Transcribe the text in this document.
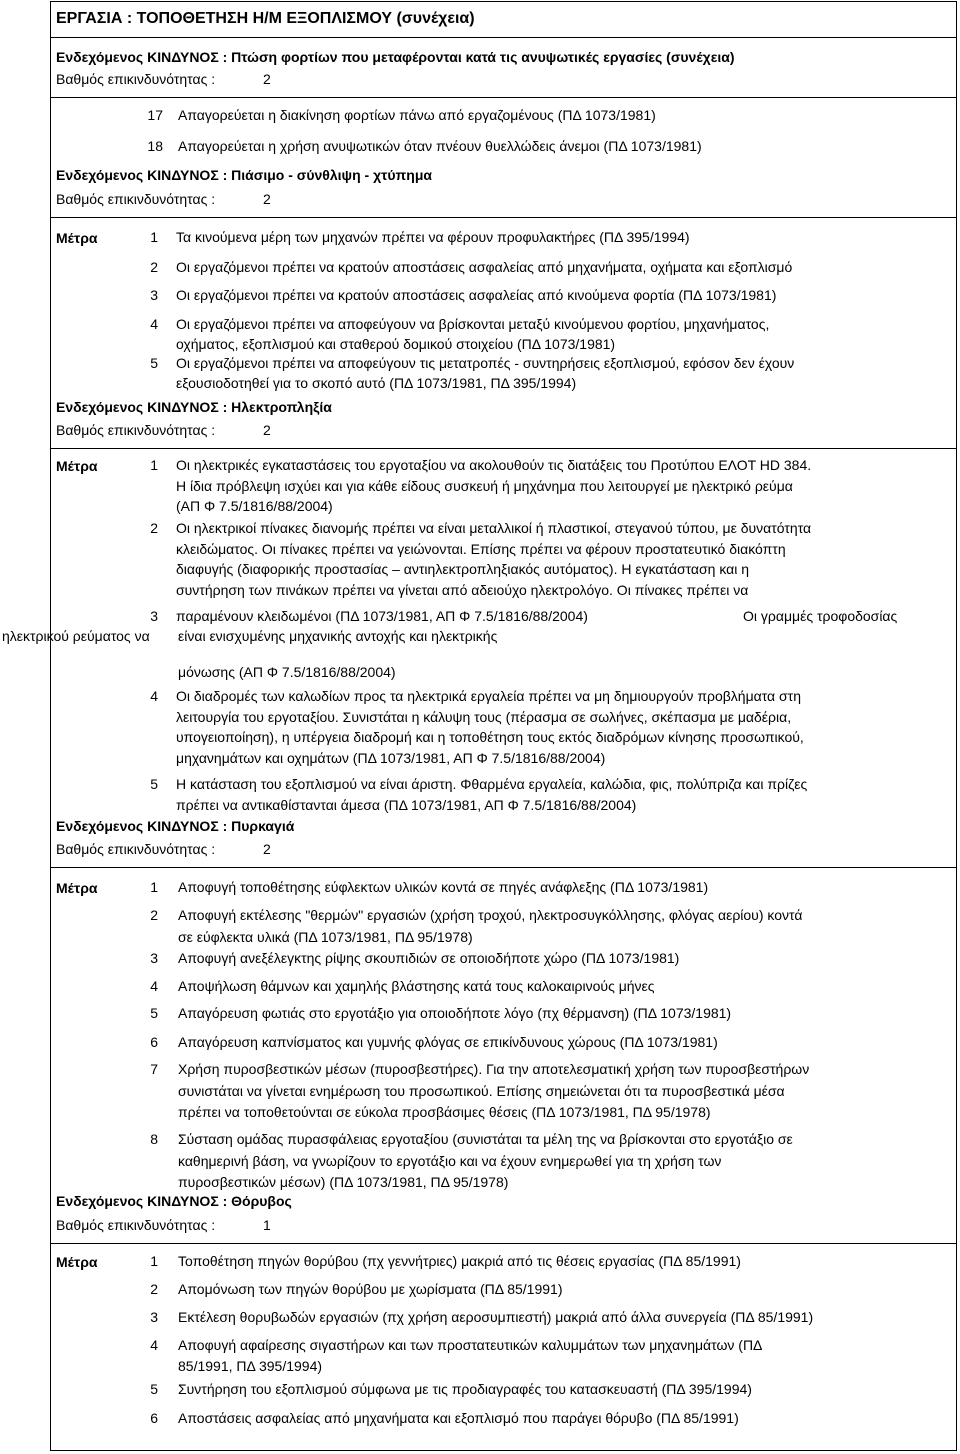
ΕΡΓΑΣΙΑ : ΤΟΠΟΘΕΤΗΣΗ Η/Μ ΕΞΟΠΛΙΣΜΟΥ (συνέχεια)
Ενδεχόμενος ΚΙΝΔΥΝΟΣ : Πτώση φορτίων που μεταφέρονται κατά τις ανυψωτικές εργασίες (συνέχεια)
Βαθμός επικινδυνότητας :	2
17 Απαγορεύεται η διακίνηση φορτίων πάνω από εργαζομένους (ΠΔ 1073/1981)
18 Απαγορεύεται η χρήση ανυψωτικών όταν πνέουν θυελλώδεις άνεμοι (ΠΔ 1073/1981)
Ενδεχόμενος ΚΙΝΔΥΝΟΣ : Πιάσιμο - σύνθλιψη - χτύπημα
Βαθμός επικινδυνότητας :	2
Μέτρα	1 Τα κινούμενα μέρη των μηχανών πρέπει να φέρουν προφυλακτήρες (ΠΔ 395/1994)
2 Οι εργαζόμενοι πρέπει να κρατούν αποστάσεις ασφαλείας από μηχανήματα, οχήματα και εξοπλισμό
3 Οι εργαζόμενοι πρέπει να κρατούν αποστάσεις ασφαλείας από κινούμενα φορτία (ΠΔ 1073/1981)
4 Οι εργαζόμενοι πρέπει να αποφεύγουν να βρίσκονται μεταξύ κινούμενου φορτίου, μηχανήματος,
οχήματος, εξοπλισμού και σταθερού δομικού στοιχείου (ΠΔ 1073/1981)
5 Οι εργαζόμενοι πρέπει να αποφεύγουν τις μετατροπές - συντηρήσεις εξοπλισμού, εφόσον δεν έχουν
εξουσιοδοτηθεί για το σκοπό αυτό (ΠΔ 1073/1981, ΠΔ 395/1994)
Ενδεχόμενος ΚΙΝΔΥΝΟΣ : Ηλεκτροπληξία
Βαθμός επικινδυνότητας :	2
Μέτρα	1 Οι ηλεκτρικές εγκαταστάσεις του εργοταξίου να ακολουθούν τις διατάξεις του Προτύπου ΕΛΟΤ HD 384.
Η ίδια πρόβλεψη ισχύει και για κάθε είδους συσκευή ή μηχάνημα που λειτουργεί με ηλεκτρικό ρεύμα
(ΑΠ Φ 7.5/1816/88/2004)
2 Οι ηλεκτρικοί πίνακες διανομής πρέπει να είναι μεταλλικοί ή πλαστικοί, στεγανού τύπου, με δυνατότητα
κλειδώματος. Οι πίνακες πρέπει να γειώνονται. Επίσης πρέπει να φέρουν προστατευτικό διακόπτη
διαφυγής (διαφορικής προστασίας – αντιηλεκτροπληξιακός αυτόματος). Η εγκατάσταση και η
συντήρηση των πινάκων πρέπει να γίνεται από αδειούχο ηλεκτρολόγο. Οι πίνακες πρέπει να
3 παραμένουν κλειδωμένοι (ΠΔ 1073/1981, ΑΠ Φ 7.5/1816/88/2004)	Οι γραμμές τροφοδοσίας
ηλεκτρικού ρεύματος να είναι ενισχυμένης μηχανικής αντοχής και ηλεκτρικής
μόνωσης (ΑΠ Φ 7.5/1816/88/2004)
4 Οι διαδρομές των καλωδίων προς τα ηλεκτρικά εργαλεία πρέπει να μη δημιουργούν προβλήματα στη
λειτουργία του εργοταξίου. Συνιστάται η κάλυψη τους (πέρασμα σε σωλήνες, σκέπασμα με μαδέρια,
υπογειοποίηση), η υπέργεια διαδρομή και η τοποθέτηση τους εκτός διαδρόμων κίνησης προσωπικού,
μηχανημάτων και οχημάτων (ΠΔ 1073/1981, ΑΠ Φ 7.5/1816/88/2004)
5 Η κατάσταση του εξοπλισμού να είναι άριστη. Φθαρμένα εργαλεία, καλώδια, φις, πολύπριζα και πρίζες
πρέπει να αντικαθίστανται άμεσα (ΠΔ 1073/1981, ΑΠ Φ 7.5/1816/88/2004)
Ενδεχόμενος ΚΙΝΔΥΝΟΣ : Πυρκαγιά
Βαθμός επικινδυνότητας :	2
Μέτρα	1 Αποφυγή τοποθέτησης εύφλεκτων υλικών κοντά σε πηγές ανάφλεξης (ΠΔ 1073/1981)
2 Αποφυγή εκτέλεσης "θερμών" εργασιών (χρήση τροχού, ηλεκτροσυγκόλλησης, φλόγας αερίου) κοντά
σε εύφλεκτα υλικά (ΠΔ 1073/1981, ΠΔ 95/1978)
3 Αποφυγή ανεξέλεγκτης ρίψης σκουπιδιών σε οποιοδήποτε χώρο (ΠΔ 1073/1981)
4 Αποψήλωση θάμνων και χαμηλής βλάστησης κατά τους καλοκαιρινούς μήνες
5 Απαγόρευση φωτιάς στο εργοτάξιο για οποιοδήποτε λόγο (πχ θέρμανση) (ΠΔ 1073/1981)
6 Απαγόρευση καπνίσματος και γυμνής φλόγας σε επικίνδυνους χώρους (ΠΔ 1073/1981)
7 Χρήση πυροσβεστικών μέσων (πυροσβεστήρες). Για την αποτελεσματική χρήση των πυροσβεστήρων
συνιστάται να γίνεται ενημέρωση του προσωπικού. Επίσης σημειώνεται ότι τα πυροσβεστικά μέσα
πρέπει να τοποθετούνται σε εύκολα προσβάσιμες θέσεις (ΠΔ 1073/1981, ΠΔ 95/1978)
8 Σύσταση ομάδας πυρασφάλειας εργοταξίου (συνιστάται τα μέλη της να βρίσκονται στο εργοτάξιο σε
καθημερινή βάση, να γνωρίζουν το εργοτάξιο και να έχουν ενημερωθεί για τη χρήση των
πυροσβεστικών μέσων) (ΠΔ 1073/1981, ΠΔ 95/1978)
Ενδεχόμενος ΚΙΝΔΥΝΟΣ : Θόρυβος
Βαθμός επικινδυνότητας :	1
Μέτρα	1 Τοποθέτηση πηγών θορύβου (πχ γεννήτριες) μακριά από τις θέσεις εργασίας (ΠΔ 85/1991)
2 Απομόνωση των πηγών θορύβου με χωρίσματα (ΠΔ 85/1991)
3 Εκτέλεση θορυβωδών εργασιών (πχ χρήση αεροσυμπιεστή) μακριά από άλλα συνεργεία (ΠΔ 85/1991)
4 Αποφυγή αφαίρεσης σιγαστήρων και των προστατευτικών καλυμμάτων των μηχανημάτων (ΠΔ
85/1991, ΠΔ 395/1994)
5 Συντήρηση του εξοπλισμού σύμφωνα με τις προδιαγραφές του κατασκευαστή (ΠΔ 395/1994)
6 Αποστάσεις ασφαλείας από μηχανήματα και εξοπλισμό που παράγει θόρυβο (ΠΔ 85/1991)
